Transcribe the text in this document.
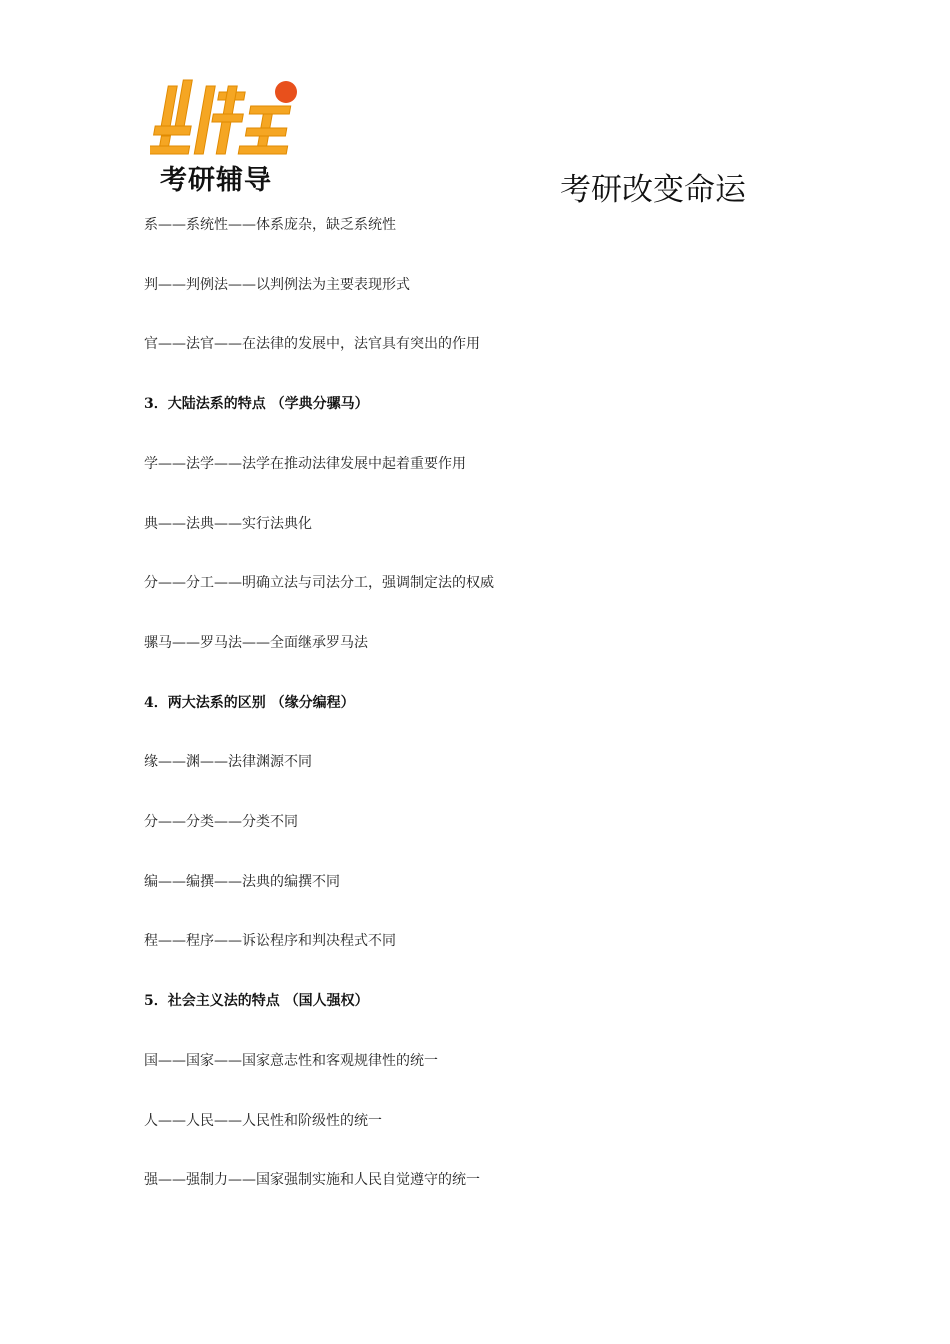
考研辅导	考研改变命运
系——系统性——体系庞杂，缺乏系统性
判——判例法——以判例法为主要表现形式
官——法官——在法律的发展中，法官具有突出的作用
3．大陆法系的特点 （学典分骡马）
学——法学——法学在推动法律发展中起着重要作用
典——法典——实行法典化
分——分工——明确立法与司法分工，强调制定法的权威
骡马——罗马法——全面继承罗马法
4．两大法系的区别 （缘分编程）
缘——渊——法律渊源不同
分——分类——分类不同
编——编撰——法典的编撰不同
程——程序——诉讼程序和判决程式不同
5．社会主义法的特点 （国人强权）
国——国家——国家意志性和客观规律性的统一
人——人民——人民性和阶级性的统一
强——强制力——国家强制实施和人民自觉遵守的统一
